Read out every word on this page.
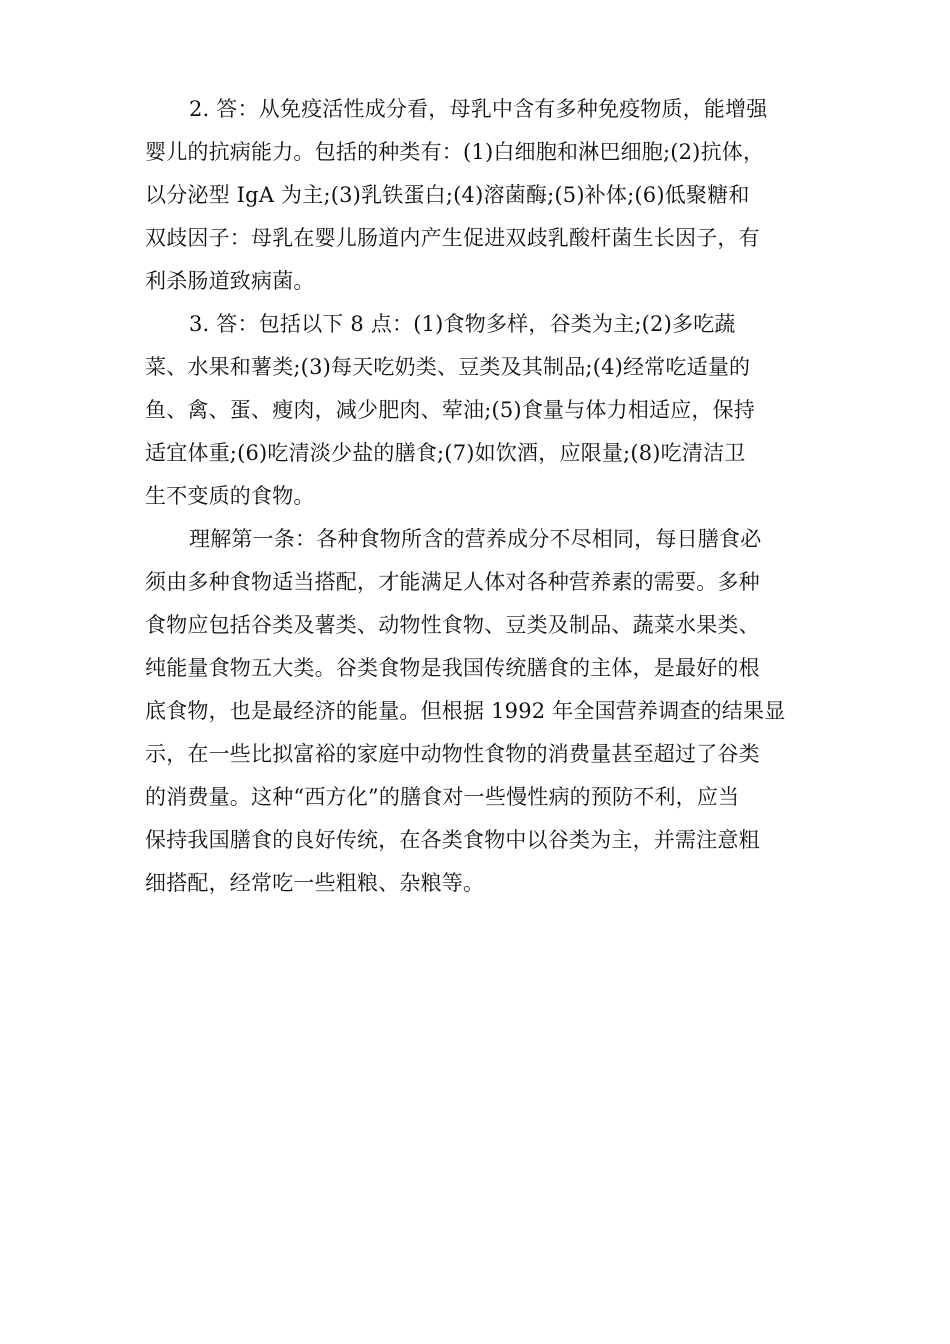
2. 答：从免疫活性成分看，母乳中含有多种免疫物质，能增强
婴儿的抗病能力。包括的种类有：(1)白细胞和淋巴细胞;(2)抗体，
以分泌型 IgA 为主;(3)乳铁蛋白;(4)溶菌酶;(5)补体;(6)低聚糖和
双歧因子：母乳在婴儿肠道内产生促进双歧乳酸杆菌生长因子，有
利杀肠道致病菌。
3. 答：包括以下 8 点：(1)食物多样，谷类为主;(2)多吃蔬
菜、水果和薯类;(3)每天吃奶类、豆类及其制品;(4)经常吃适量的
鱼、禽、蛋、瘦肉，减少肥肉、荤油;(5)食量与体力相适应，保持
适宜体重;(6)吃清淡少盐的膳食;(7)如饮酒，应限量;(8)吃清洁卫
生不变质的食物。
理解第一条：各种食物所含的营养成分不尽相同，每日膳食必
须由多种食物适当搭配，才能满足人体对各种营养素的需要。多种
食物应包括谷类及薯类、动物性食物、豆类及制品、蔬菜水果类、
纯能量食物五大类。谷类食物是我国传统膳食的主体，是最好的根
底食物，也是最经济的能量。但根据 1992 年全国营养调查的结果显
示，在一些比拟富裕的家庭中动物性食物的消费量甚至超过了谷类
的消费量。这种“西方化”的膳食对一些慢性病的预防不利，应当
保持我国膳食的良好传统，在各类食物中以谷类为主，并需注意粗
细搭配，经常吃一些粗粮、杂粮等。
